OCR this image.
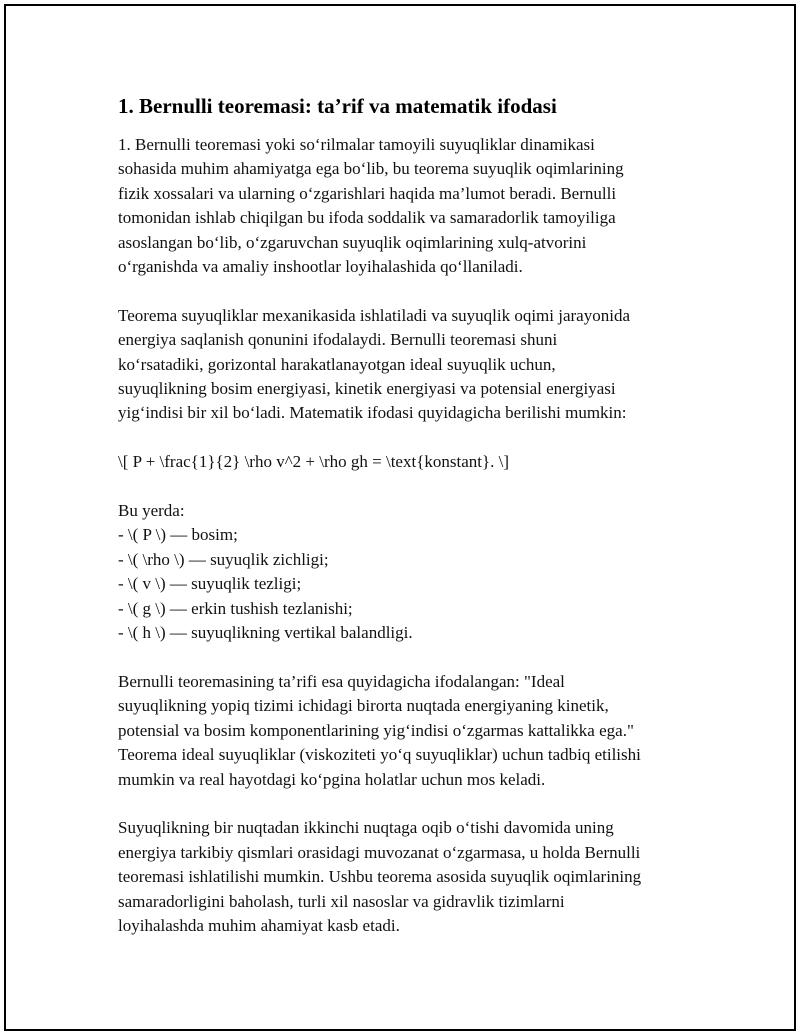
1. Bernulli teoremasi: ta’rif va matematik ifodasi
1. Bernulli teoremasi yoki so‘rilmalar tamoyili suyuqliklar dinamikasi
sohasida muhim ahamiyatga ega bo‘lib, bu teorema suyuqlik oqimlarining
fizik xossalari va ularning o‘zgarishlari haqida ma’lumot beradi. Bernulli
tomonidan ishlab chiqilgan bu ifoda soddalik va samaradorlik tamoyiliga
asoslangan bo‘lib, o‘zgaruvchan suyuqlik oqimlarining xulq-atvorini
o‘rganishda va amaliy inshootlar loyihalashida qo‘llaniladi.
Teorema suyuqliklar mexanikasida ishlatiladi va suyuqlik oqimi jarayonida
energiya saqlanish qonunini ifodalaydi. Bernulli teoremasi shuni
ko‘rsatadiki, gorizontal harakatlanayotgan ideal suyuqlik uchun,
suyuqlikning bosim energiyasi, kinetik energiyasi va potensial energiyasi
yig‘indisi bir xil bo‘ladi. Matematik ifodasi quyidagicha berilishi mumkin:
\[ P + \frac{1}{2} \rho v^2 + \rho gh = \text{konstant}. \]
Bu yerda:
- \( P \) — bosim;
- \( \rho \) — suyuqlik zichligi;
- \( v \) — suyuqlik tezligi;
- \( g \) — erkin tushish tezlanishi;
- \( h \) — suyuqlikning vertikal balandligi.
Bernulli teoremasining ta’rifi esa quyidagicha ifodalangan: "Ideal
suyuqlikning yopiq tizimi ichidagi birorta nuqtada energiyaning kinetik,
potensial va bosim komponentlarining yig‘indisi o‘zgarmas kattalikka ega."
Teorema ideal suyuqliklar (viskoziteti yo‘q suyuqliklar) uchun tadbiq etilishi
mumkin va real hayotdagi ko‘pgina holatlar uchun mos keladi.
Suyuqlikning bir nuqtadan ikkinchi nuqtaga oqib o‘tishi davomida uning
energiya tarkibiy qismlari orasidagi muvozanat o‘zgarmasa, u holda Bernulli
teoremasi ishlatilishi mumkin. Ushbu teorema asosida suyuqlik oqimlarining
samaradorligini baholash, turli xil nasoslar va gidravlik tizimlarni
loyihalashda muhim ahamiyat kasb etadi.
